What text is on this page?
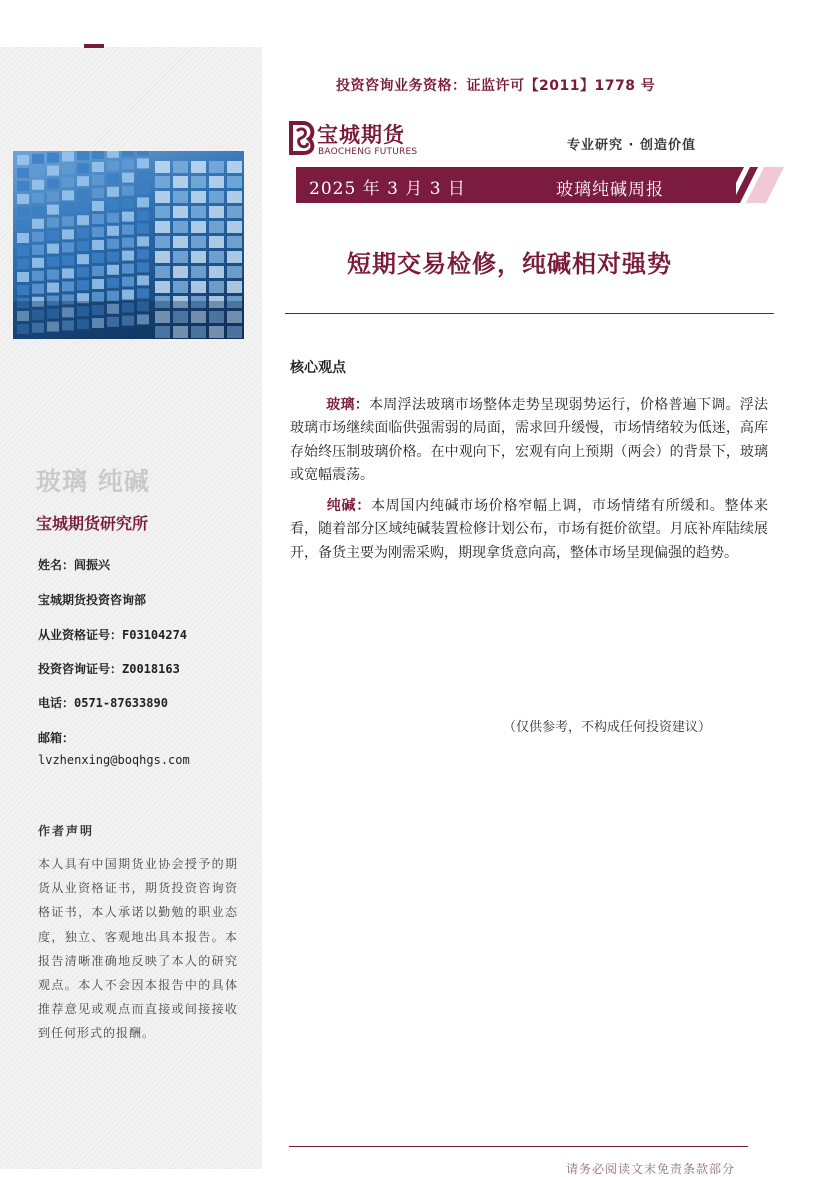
玻璃 纯碱
宝城期货研究所
姓名：闾振兴
宝城期货投资咨询部
从业资格证号：F03104274
投资咨询证号：Z0018163
电话：0571-87633890
邮箱：
lvzhenxing@boqhgs.com
作者声明
本人具有中国期货业协会授予的期货从业资格证书，期货投资咨询资格证书，本人承诺以勤勉的职业态度，独立、客观地出具本报告。本报告清晰准确地反映了本人的研究观点。本人不会因本报告中的具体推荐意见或观点而直接或间接接收到任何形式的报酬。
投资咨询业务资格：证监许可【2011】1778 号
宝城期货
BAOCHENG FUTURES	专业研究 · 创造价值
2025 年 3 月 3 日	玻璃纯碱周报
短期交易检修，纯碱相对强势
核心观点
玻璃：本周浮法玻璃市场整体走势呈现弱势运行，价格普遍下调。浮法玻璃市场继续面临供强需弱的局面，需求回升缓慢，市场情绪较为低迷，高库存始终压制玻璃价格。在中观向下，宏观有向上预期（两会）的背景下，玻璃或宽幅震荡。
纯碱：本周国内纯碱市场价格窄幅上调，市场情绪有所缓和。整体来看，随着部分区域纯碱装置检修计划公布，市场有挺价欲望。月底补库陆续展开，备货主要为刚需采购，期现拿货意向高，整体市场呈现偏强的趋势。
（仅供参考，不构成任何投资建议）
请务必阅读文末免责条款部分
